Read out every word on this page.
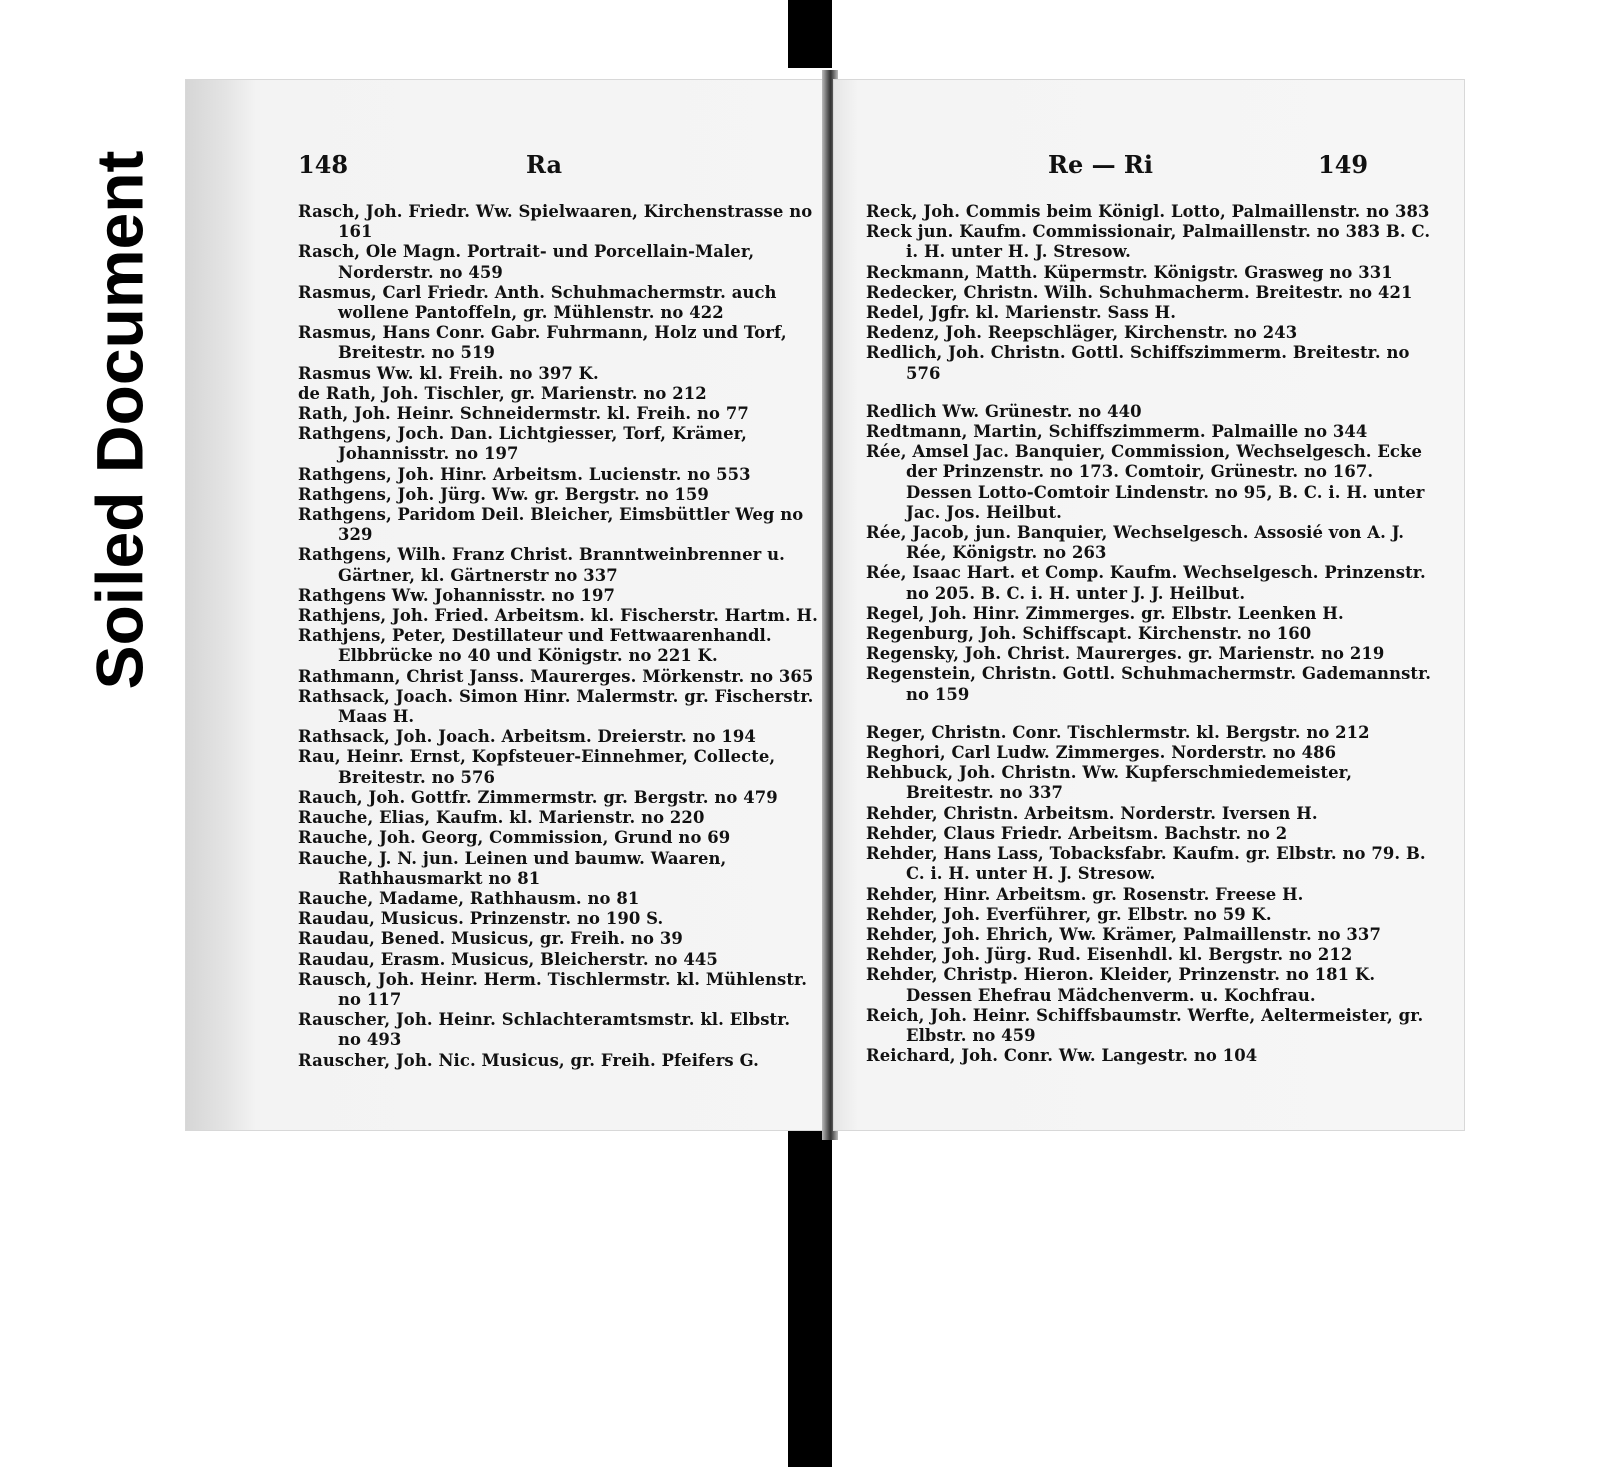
Soiled Document	148	Ra

Rasch, Joh. Friedr. Ww. Spielwaaren, Kirchenstrasse no 161

Rasch, Ole Magn. Portrait- und Porcellain-Maler, Norderstr. no 459

Rasmus, Carl Friedr. Anth. Schuhmachermstr. auch wollene Pantoffeln, gr. Mühlenstr. no 422

Rasmus, Hans Conr. Gabr. Fuhrmann, Holz und Torf, Breitestr. no 519

Rasmus Ww. kl. Freih. no 397 K.

de Rath, Joh. Tischler, gr. Marienstr. no 212

Rath, Joh. Heinr. Schneidermstr. kl. Freih. no 77

Rathgens, Joch. Dan. Lichtgiesser, Torf, Krämer, Johannisstr. no 197

Rathgens, Joh. Hinr. Arbeitsm. Lucienstr. no 553

Rathgens, Joh. Jürg. Ww. gr. Bergstr. no 159

Rathgens, Paridom Deil. Bleicher, Eimsbüttler Weg no 329

Rathgens, Wilh. Franz Christ. Branntweinbrenner u. Gärtner, kl. Gärtnerstr no 337

Rathgens Ww. Johannisstr. no 197

Rathjens, Joh. Fried. Arbeitsm. kl. Fischerstr. Hartm. H.

Rathjens, Peter, Destillateur und Fettwaarenhandl. Elbbrücke no 40 und Königstr. no 221 K.

Rathmann, Christ Janss. Maurerges. Mörkenstr. no 365

Rathsack, Joach. Simon Hinr. Malermstr. gr. Fischerstr. Maas H.

Rathsack, Joh. Joach. Arbeitsm. Dreierstr. no 194

Rau, Heinr. Ernst, Kopfsteuer-Einnehmer, Collecte, Breitestr. no 576

Rauch, Joh. Gottfr. Zimmermstr. gr. Bergstr. no 479

Rauche, Elias, Kaufm. kl. Marienstr. no 220

Rauche, Joh. Georg, Commission, Grund no 69

Rauche, J. N. jun. Leinen und baumw. Waaren, Rathhausmarkt no 81

Rauche, Madame, Rathhausm. no 81

Raudau, Musicus. Prinzenstr. no 190 S.

Raudau, Bened. Musicus, gr. Freih. no 39

Raudau, Erasm. Musicus, Bleicherstr. no 445

Rausch, Joh. Heinr. Herm. Tischlermstr. kl. Mühlenstr. no 117

Rauscher, Joh. Heinr. Schlachteramtsmstr. kl. Elbstr. no 493

Rauscher, Joh. Nic. Musicus, gr. Freih. Pfeifers G.

Re — Ri	149

Reck, Joh. Commis beim Königl. Lotto, Palmaillenstr. no 383

Reck jun. Kaufm. Commissionair, Palmaillenstr. no 383 B. C. i. H. unter H. J. Stresow.

Reckmann, Matth. Küpermstr. Königstr. Grasweg no 331

Redecker, Christn. Wilh. Schuhmacherm. Breitestr. no 421

Redel, Jgfr. kl. Marienstr. Sass H.

Redenz, Joh. Reepschläger, Kirchenstr. no 243

Redlich, Joh. Christn. Gottl. Schiffszimmerm. Breitestr. no 576

Redlich Ww. Grünestr. no 440

Redtmann, Martin, Schiffszimmerm. Palmaille no 344

Rée, Amsel Jac. Banquier, Commission, Wechselgesch. Ecke der Prinzenstr. no 173. Comtoir, Grünestr. no 167. Dessen Lotto-Comtoir Lindenstr. no 95, B. C. i. H. unter Jac. Jos. Heilbut.

Rée, Jacob, jun. Banquier, Wechselgesch. Assosié von A. J. Rée, Königstr. no 263

Rée, Isaac Hart. et Comp. Kaufm. Wechselgesch. Prinzenstr. no 205. B. C. i. H. unter J. J. Heilbut.

Regel, Joh. Hinr. Zimmerges. gr. Elbstr. Leenken H.

Regenburg, Joh. Schiffscapt. Kirchenstr. no 160

Regensky, Joh. Christ. Maurerges. gr. Marienstr. no 219

Regenstein, Christn. Gottl. Schuhmachermstr. Gademannstr. no 159

Reger, Christn. Conr. Tischlermstr. kl. Bergstr. no 212

Reghori, Carl Ludw. Zimmerges. Norderstr. no 486

Rehbuck, Joh. Christn. Ww. Kupferschmiedemeister, Breitestr. no 337

Rehder, Christn. Arbeitsm. Norderstr. Iversen H.

Rehder, Claus Friedr. Arbeitsm. Bachstr. no 2

Rehder, Hans Lass, Tobacksfabr. Kaufm. gr. Elbstr. no 79. B. C. i. H. unter H. J. Stresow.

Rehder, Hinr. Arbeitsm. gr. Rosenstr. Freese H.

Rehder, Joh. Everführer, gr. Elbstr. no 59 K.

Rehder, Joh. Ehrich, Ww. Krämer, Palmaillenstr. no 337

Rehder, Joh. Jürg. Rud. Eisenhdl. kl. Bergstr. no 212

Rehder, Christp. Hieron. Kleider, Prinzenstr. no 181 K. Dessen Ehefrau Mädchenverm. u. Kochfrau.

Reich, Joh. Heinr. Schiffsbaumstr. Werfte, Aeltermeister, gr. Elbstr. no 459

Reichard, Joh. Conr. Ww. Langestr. no 104
